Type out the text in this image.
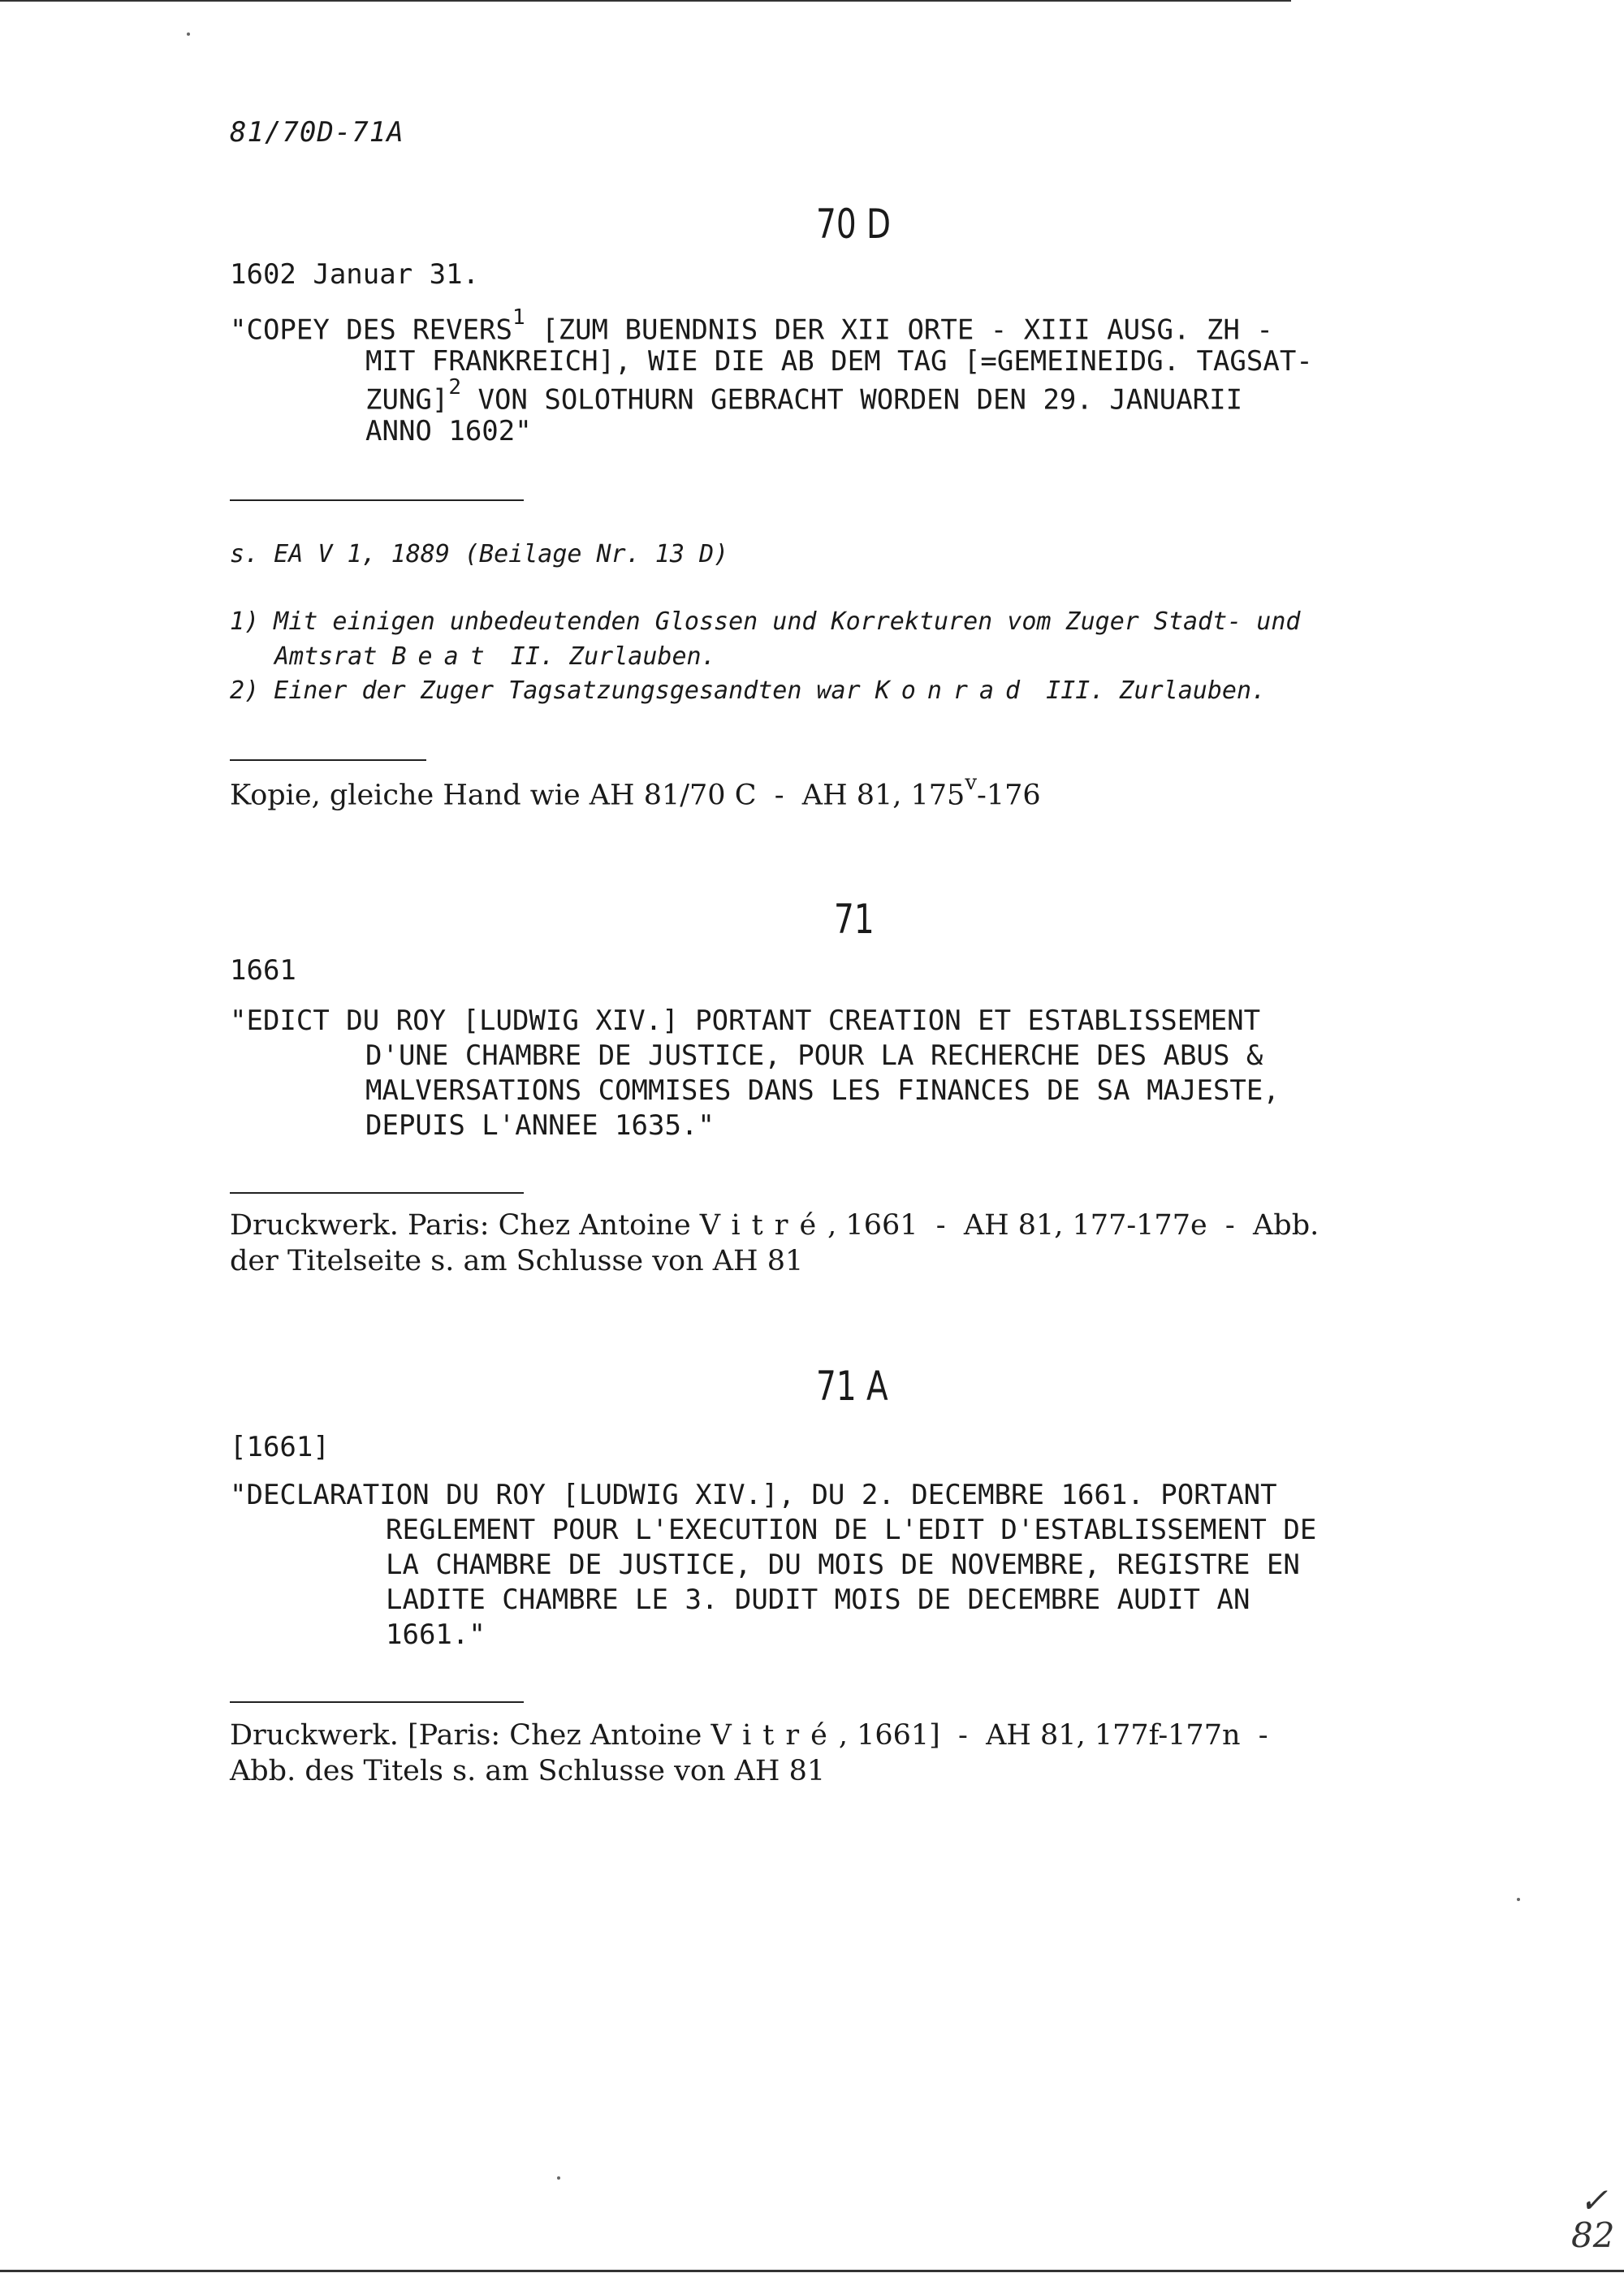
81/70D-71A
70 D
1602 Januar 31.
"COPEY DES REVERS$^1$ [ZUM BUENDNIS DER XII ORTE - XIII AUSG. ZH -
MIT FRANKREICH], WIE DIE AB DEM TAG [=GEMEINEIDG. TAGSAT-
ZUNG]$^2$ VON SOLOTHURN GEBRACHT WORDEN DEN 29. JANUARII
ANNO 1602"
s. EA V 1, 1889 (Beilage Nr. 13 D)
1) Mit einigen unbedeutenden Glossen und Korrekturen vom Zuger Stadt- und
Amtsrat Beat II. Zurlauben.
2) Einer der Zuger Tagsatzungsgesandten war Konrad III. Zurlauben.
Kopie, gleiche Hand wie AH 81/70 C  -  AH 81, 175$^v$-176
71
1661
"EDICT DU ROY [LUDWIG XIV.] PORTANT CREATION ET ESTABLISSEMENT
D'UNE CHAMBRE DE JUSTICE, POUR LA RECHERCHE DES ABUS &
MALVERSATIONS COMMISES DANS LES FINANCES DE SA MAJESTE,
DEPUIS L'ANNEE 1635."
Druckwerk. Paris: Chez Antoine Vitré, 1661  -  AH 81, 177-177e  -  Abb.
der Titelseite s. am Schlusse von AH 81
71 A
[1661]
"DECLARATION DU ROY [LUDWIG XIV.], DU 2. DECEMBRE 1661. PORTANT
REGLEMENT POUR L'EXECUTION DE L'EDIT D'ESTABLISSEMENT DE
LA CHAMBRE DE JUSTICE, DU MOIS DE NOVEMBRE, REGISTRE EN
LADITE CHAMBRE LE 3. DUDIT MOIS DE DECEMBRE AUDIT AN
1661."
Druckwerk. [Paris: Chez Antoine Vitré, 1661]  -  AH 81, 177f-177n  -
Abb. des Titels s. am Schlusse von AH 81
✓
82
